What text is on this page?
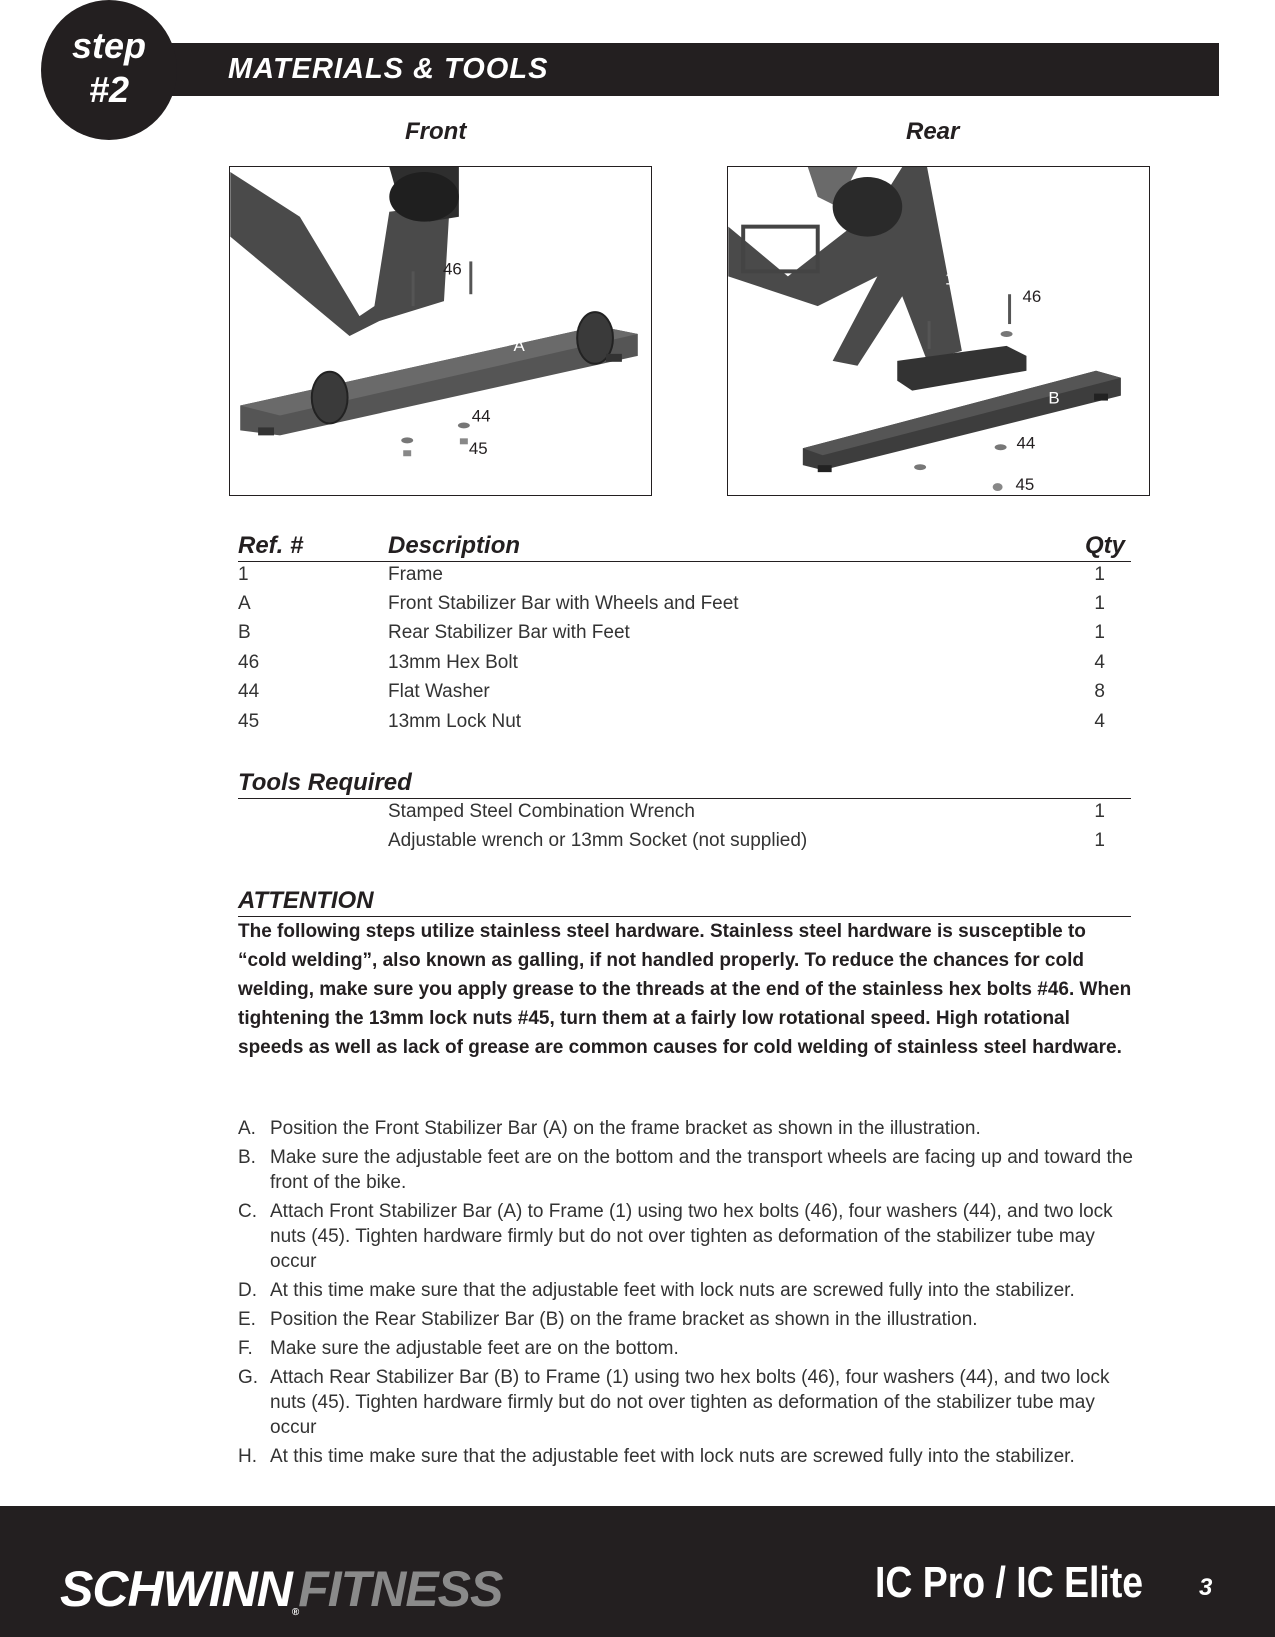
step
#2	MATERIALS & TOOLS
Front	Rear
1
46
A
44
45
1
46
B
44
45
Ref. #	Description	Qty
1	Frame	1
A	Front Stabilizer Bar with Wheels and Feet	1
B	Rear Stabilizer Bar with Feet	1
46	13mm Hex Bolt	4
44	Flat Washer	8
45	13mm Lock Nut	4
Tools Required
Stamped Steel Combination Wrench	1
Adjustable wrench or 13mm Socket (not supplied)	1
ATTENTION
The following steps utilize stainless steel hardware. Stainless steel hardware is susceptible to “cold welding”, also known as galling, if not handled properly. To reduce the chances for cold welding, make sure you apply grease to the threads at the end of the stainless hex bolts #46. When tightening the 13mm lock nuts #45, turn them at a fairly low rotational speed. High rotational speeds as well as lack of grease are common causes for cold welding of stainless steel hardware.
A. Position the Front Stabilizer Bar (A) on the frame bracket as shown in the illustration.
B. Make sure the adjustable feet are on the bottom and the transport wheels are facing up and toward the front of the bike.
C. Attach Front Stabilizer Bar (A) to Frame (1) using two hex bolts (46), four washers (44), and two lock nuts (45). Tighten hardware firmly but do not over tighten as deformation of the stabilizer tube may occur
D. At this time make sure that the adjustable feet with lock nuts are screwed fully into the stabilizer.
E. Position the Rear Stabilizer Bar (B) on the frame bracket as shown in the illustration.
F. Make sure the adjustable feet are on the bottom.
G. Attach Rear Stabilizer Bar (B) to Frame (1) using two hex bolts (46), four washers (44), and two lock nuts (45). Tighten hardware firmly but do not over tighten as deformation of the stabilizer tube may occur
H. At this time make sure that the adjustable feet with lock nuts are screwed fully into the stabilizer.
SCHWINN®FITNESS	IC Pro / IC Elite 3
